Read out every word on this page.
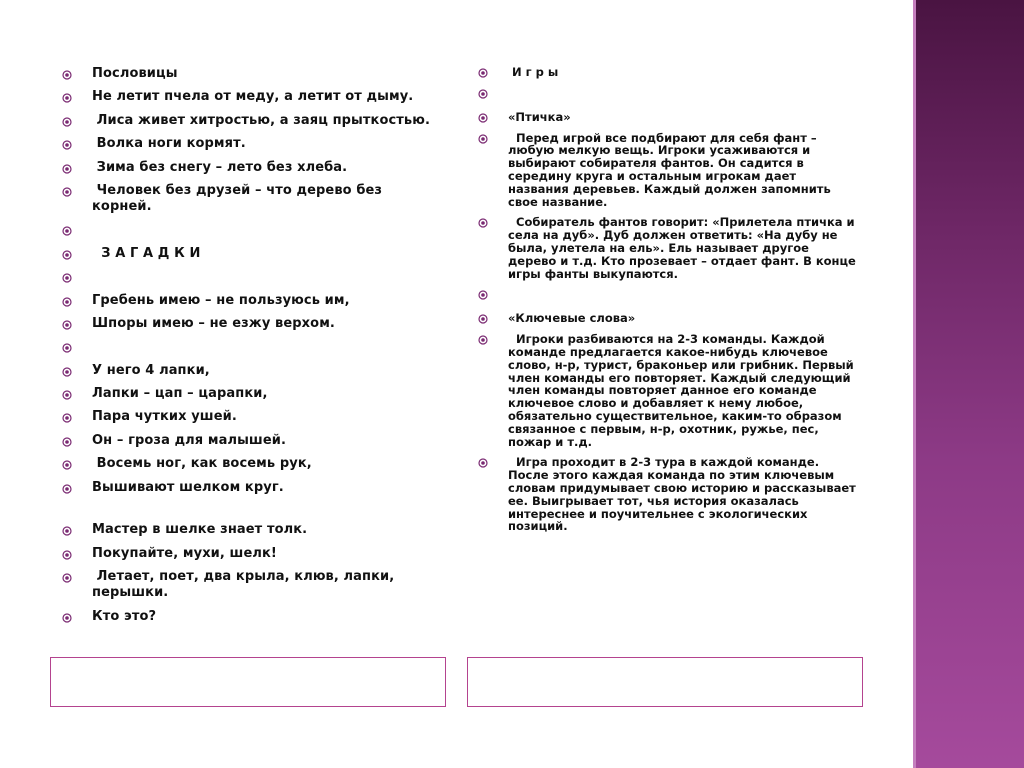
Пословицы
Не летит пчела от меду, а летит от дыму.
Лиса живет хитростью, а заяц прыткостью.
Волка ноги кормят.
Зима без снегу – лето без хлеба.
Человек без друзей – что дерево без корней.
З А Г А Д К И
Гребень имею – не пользуюсь им,
Шпоры имею – не езжу верхом.
У него 4 лапки,
Лапки – цап – царапки,
Пара чутких ушей.
Он – гроза для малышей.
Восемь ног, как восемь рук,
Вышивают шелком круг.
Мастер в шелке знает толк.
Покупайте, мухи, шелк!
Летает, поет, два крыла, клюв, лапки, перышки.
Кто это?
И г р ы
«Птичка»
Перед игрой все подбирают для себя фант – любую мелкую вещь. Игроки усаживаются и выбирают собирателя фантов. Он садится в середину круга и остальным игрокам дает названия деревьев. Каждый должен запомнить свое название.
Собиратель фантов говорит: «Прилетела птичка и села на дуб». Дуб должен ответить: «На дубу не была, улетела на ель». Ель называет другое дерево и т.д. Кто прозевает – отдает фант. В конце игры фанты выкупаются.
«Ключевые слова»
Игроки разбиваются на 2-3 команды. Каждой команде предлагается какое-нибудь ключевое слово, н-р, турист, браконьер или грибник. Первый член команды его повторяет. Каждый следующий член команды повторяет данное его команде ключевое слово и добавляет к нему любое, обязательно существительное, каким-то образом связанное с первым, н-р, охотник, ружье, пес, пожар и т.д.
Игра проходит в 2-3 тура в каждой команде. После этого каждая команда по этим ключевым словам придумывает свою историю и рассказывает ее. Выигрывает тот, чья история оказалась интереснее и поучительнее с экологических позиций.
